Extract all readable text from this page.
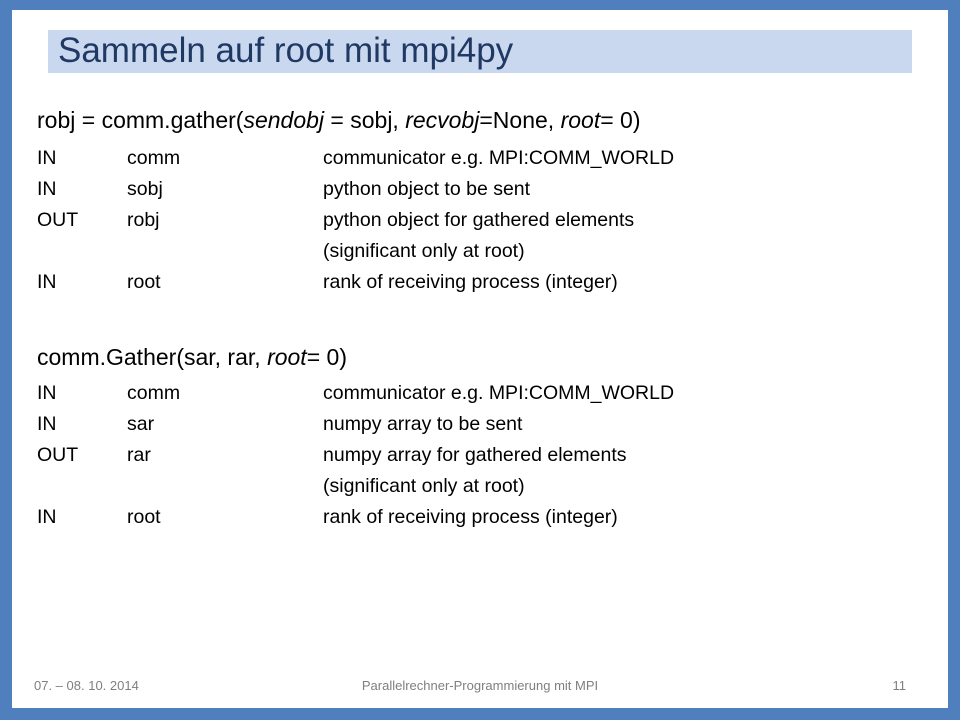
Sammeln auf root mit mpi4py
robj = comm.gather(sendobj = sobj, recvobj=None, root= 0)
IN	comm	communicator e.g. MPI:COMM_WORLD
IN	sobj	python object to be sent
OUT	robj	python object for gathered elements
(significant only at root)
IN	root	rank of receiving process (integer)
comm.Gather(sar, rar, root= 0)
IN	comm	communicator e.g. MPI:COMM_WORLD
IN	sar	numpy array to be sent
OUT	rar	numpy array for gathered elements
(significant only at root)
IN	root	rank of receiving process (integer)
Parallelrechner-Programmierung mit MPI
07. – 08. 10. 2014	11
